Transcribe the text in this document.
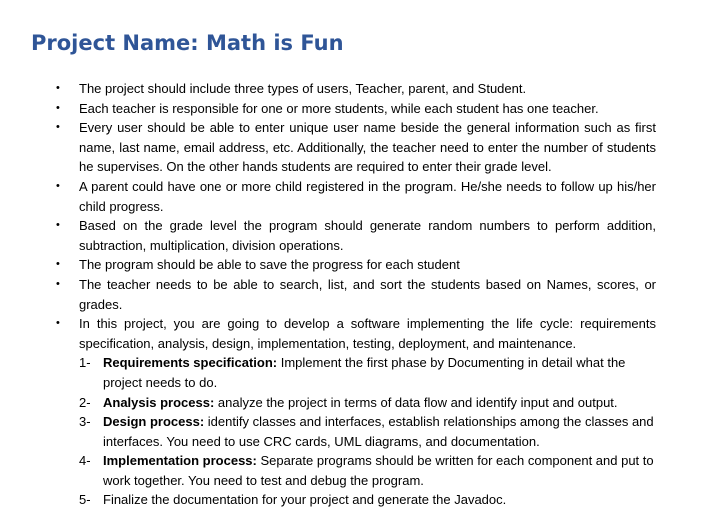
Project Name: Math is Fun
•	The project should include three types of users, Teacher, parent, and Student.
•	Each teacher is responsible for one or more students, while each student has one teacher.
•	Every user should be able to enter unique user name beside the general information such as first name, last name, email address, etc. Additionally, the teacher need to enter the number of students he supervises. On the other hands students are required to enter their grade level.
•	A parent could have one or more child registered in the program. He/she needs to follow up his/her child progress.
•	Based on the grade level the program should generate random numbers to perform addition, subtraction, multiplication, division operations.
•	The program should be able to save the progress for each student
•	The teacher needs to be able to search, list, and sort the students based on Names, scores, or grades.
•	In this project, you are going to develop a software implementing the life cycle: requirements specification, analysis, design, implementation, testing, deployment, and maintenance.
1- Requirements specification: Implement the first phase by Documenting in detail what the project needs to do.
2- Analysis process: analyze the project in terms of data flow and identify input and output.
3- Design process: identify classes and interfaces, establish relationships among the classes and interfaces. You need to use CRC cards, UML diagrams, and documentation.
4- Implementation process: Separate programs should be written for each component and put to work together. You need to test and debug the program.
5- Finalize the documentation for your project and generate the Javadoc.
